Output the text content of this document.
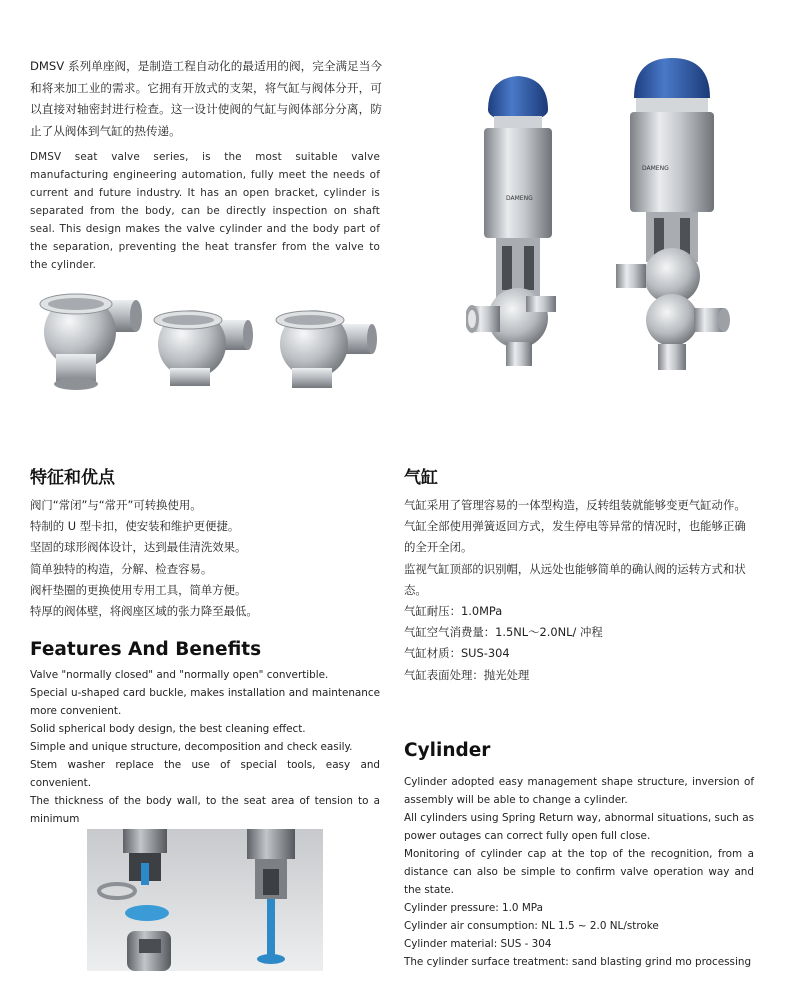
DMSV 系列单座阀，是制造工程自动化的最适用的阀，完全满足当今和将来加工业的需求。它拥有开放式的支架，将气缸与阀体分开，可以直接对轴密封进行检查。这一设计使阀的气缸与阀体部分分离，防止了从阀体到气缸的热传递。
DMSV seat valve series, is the most suitable valve manufacturing engineering automation, fully meet the needs of current and future industry. It has an open bracket, cylinder is separated from the body, can be directly inspection on shaft seal. This design makes the valve cylinder and the body part of the separation, preventing the heat transfer from the valve to the cylinder.
DAMENG
DAMENG
特征和优点
阀门“常闭”与“常开”可转换使用。
特制的 U 型卡扣，使安装和维护更便捷。
坚固的球形阀体设计，达到最佳清洗效果。
简单独特的构造，分解、检查容易。
阀杆垫圈的更换使用专用工具，简单方便。
特厚的阀体壁，将阀座区域的张力降至最低。
Features And Benefits
Valve "normally closed" and "normally open" convertible.
Special u-shaped card buckle, makes installation and maintenance more convenient.
Solid spherical body design, the best cleaning effect.
Simple and unique structure, decomposition and check easily.
Stem washer replace the use of special tools, easy and convenient.
The thickness of the body wall, to the seat area of tension to a minimum
气缸
气缸采用了管理容易的一体型构造，反转组装就能够变更气缸动作。
气缸全部使用弹簧返回方式，发生停电等异常的情况时，也能够正确的全开全闭。
监视气缸顶部的识别帽，从远处也能够简单的确认阀的运转方式和状态。
气缸耐压：1.0MPa
气缸空气消费量：1.5NL～2.0NL/ 冲程
气缸材质：SUS-304
气缸表面处理：抛光处理
Cylinder
Cylinder adopted easy management shape structure, inversion of assembly will be able to change a cylinder.
All cylinders using Spring Return way, abnormal situations, such as power outages can correct fully open full close.
Monitoring of cylinder cap at the top of the recognition, from a distance can also be simple to confirm valve operation way and the state.
Cylinder pressure: 1.0 MPa
Cylinder air consumption: NL 1.5 ~ 2.0 NL/stroke
Cylinder material: SUS - 304
The cylinder surface treatment: sand blasting grind mo processing
